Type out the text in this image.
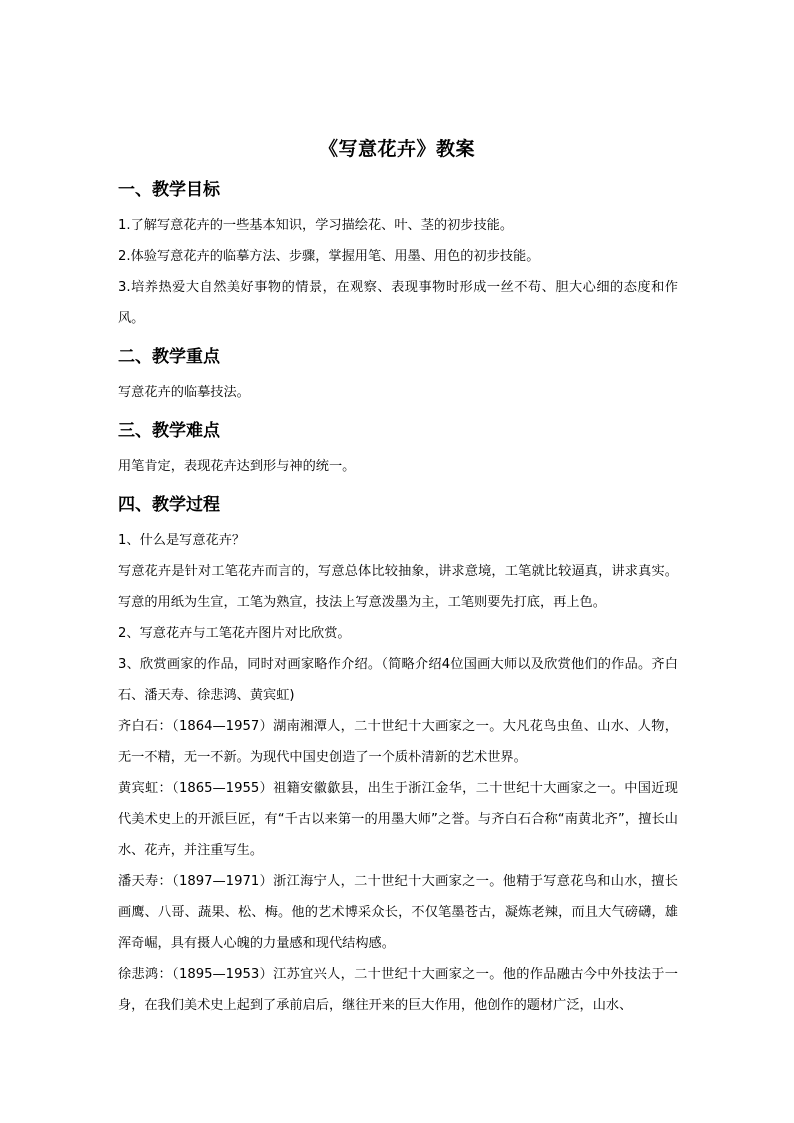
《写意花卉》教案
一、教学目标

1.了解写意花卉的一些基本知识，学习描绘花、叶、茎的初步技能。

2.体验写意花卉的临摹方法、步骤，掌握用笔、用墨、用色的初步技能。

3.培养热爱大自然美好事物的情景，在观察、表现事物时形成一丝不苟、胆大心细的态度和作风。

二、教学重点

写意花卉的临摹技法。

三、教学难点

用笔肯定，表现花卉达到形与神的统一。

四、教学过程

1、什么是写意花卉？

写意花卉是针对工笔花卉而言的，写意总体比较抽象，讲求意境，工笔就比较逼真，讲求真实。写意的用纸为生宣，工笔为熟宣，技法上写意泼墨为主，工笔则要先打底，再上色。

2、写意花卉与工笔花卉图片对比欣赏。

3、欣赏画家的作品，同时对画家略作介绍。（简略介绍4位国画大师以及欣赏他们的作品。齐白石、潘天寿、徐悲鸿、黄宾虹)

齐白石：（1864—1957）湖南湘潭人，二十世纪十大画家之一。大凡花鸟虫鱼、山水、人物，无一不精，无一不新。为现代中国史创造了一个质朴清新的艺术世界。

黄宾虹：（1865—1955）祖籍安徽歙县，出生于浙江金华，二十世纪十大画家之一。中国近现代美术史上的开派巨匠，有“千古以来第一的用墨大师”之誉。与齐白石合称“南黄北齐”，擅长山水、花卉，并注重写生。

潘天寿：（1897—1971）浙江海宁人，二十世纪十大画家之一。他精于写意花鸟和山水，擅长画鹰、八哥、蔬果、松、梅。他的艺术博采众长，不仅笔墨苍古，凝炼老辣，而且大气磅礴，雄浑奇崛，具有摄人心魄的力量感和现代结构感。

徐悲鸿：（1895—1953）江苏宜兴人，二十世纪十大画家之一。他的作品融古今中外技法于一身，在我们美术史上起到了承前启后，继往开来的巨大作用，他创作的题材广泛，山水、
